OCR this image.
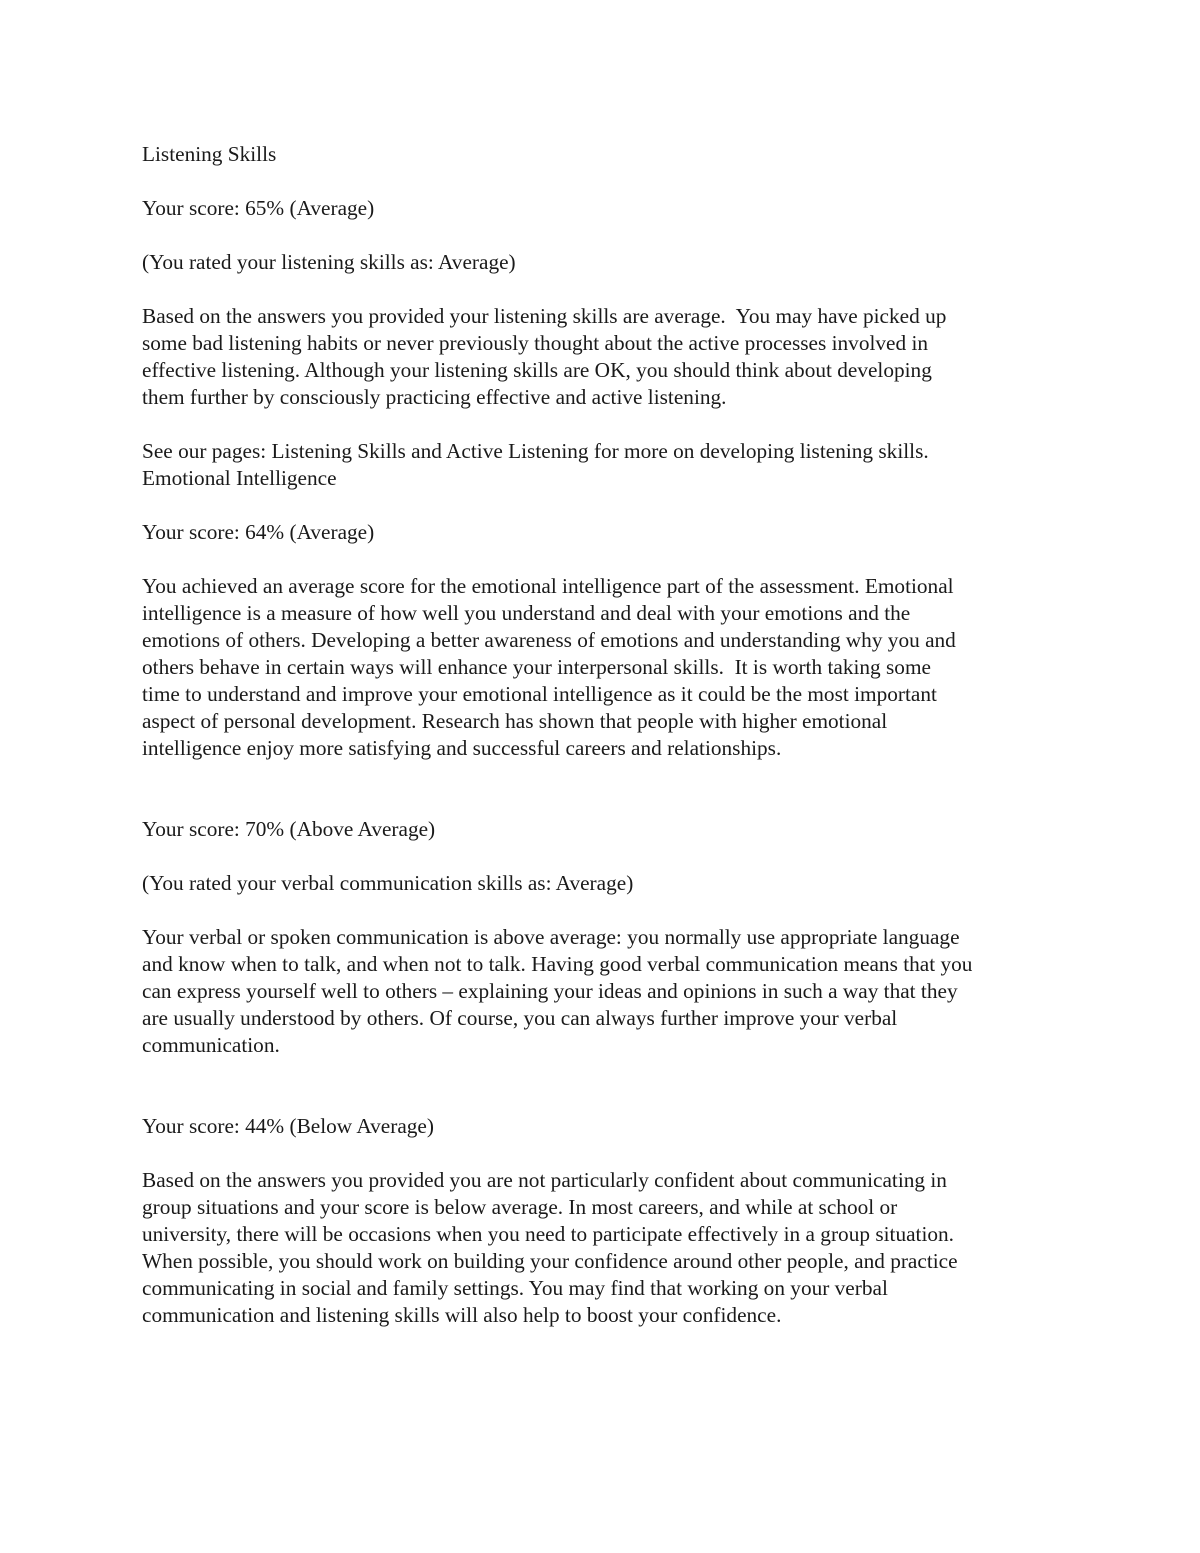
Listening Skills

Your score: 65% (Average)

(You rated your listening skills as: Average)

Based on the answers you provided your listening skills are average.  You may have picked up

some bad listening habits or never previously thought about the active processes involved in

effective listening. Although your listening skills are OK, you should think about developing

them further by consciously practicing effective and active listening.

See our pages: Listening Skills and Active Listening for more on developing listening skills.

Emotional Intelligence

Your score: 64% (Average)

You achieved an average score for the emotional intelligence part of the assessment. Emotional

intelligence is a measure of how well you understand and deal with your emotions and the

emotions of others. Developing a better awareness of emotions and understanding why you and

others behave in certain ways will enhance your interpersonal skills.  It is worth taking some

time to understand and improve your emotional intelligence as it could be the most important

aspect of personal development. Research has shown that people with higher emotional

intelligence enjoy more satisfying and successful careers and relationships.

Your score: 70% (Above Average)

(You rated your verbal communication skills as: Average)

Your verbal or spoken communication is above average: you normally use appropriate language

and know when to talk, and when not to talk. Having good verbal communication means that you

can express yourself well to others – explaining your ideas and opinions in such a way that they

are usually understood by others. Of course, you can always further improve your verbal

communication.

Your score: 44% (Below Average)

Based on the answers you provided you are not particularly confident about communicating in

group situations and your score is below average. In most careers, and while at school or

university, there will be occasions when you need to participate effectively in a group situation.

When possible, you should work on building your confidence around other people, and practice

communicating in social and family settings. You may find that working on your verbal

communication and listening skills will also help to boost your confidence.
